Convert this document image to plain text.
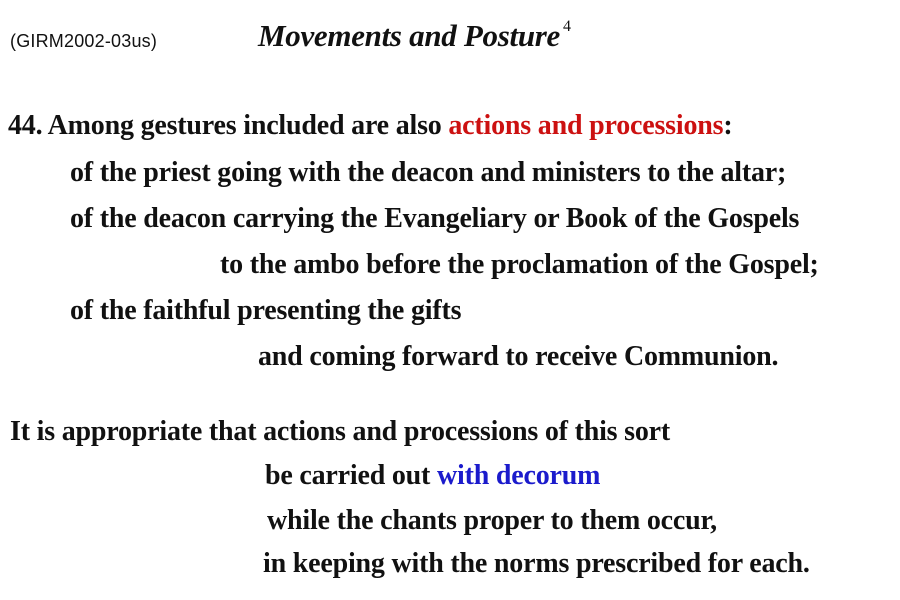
(GIRM2002-03us)	Movements and Posture $^4$
44. Among gestures included are also actions and processions:
of the priest going with the deacon and ministers to the altar;
of the deacon carrying the Evangeliary or Book of the Gospels
to the ambo before the proclamation of the Gospel;
of the faithful presenting the gifts
and coming forward to receive Communion.
It is appropriate that actions and processions of this sort
be carried out with decorum
while the chants proper to them occur,
in keeping with the norms prescribed for each.
